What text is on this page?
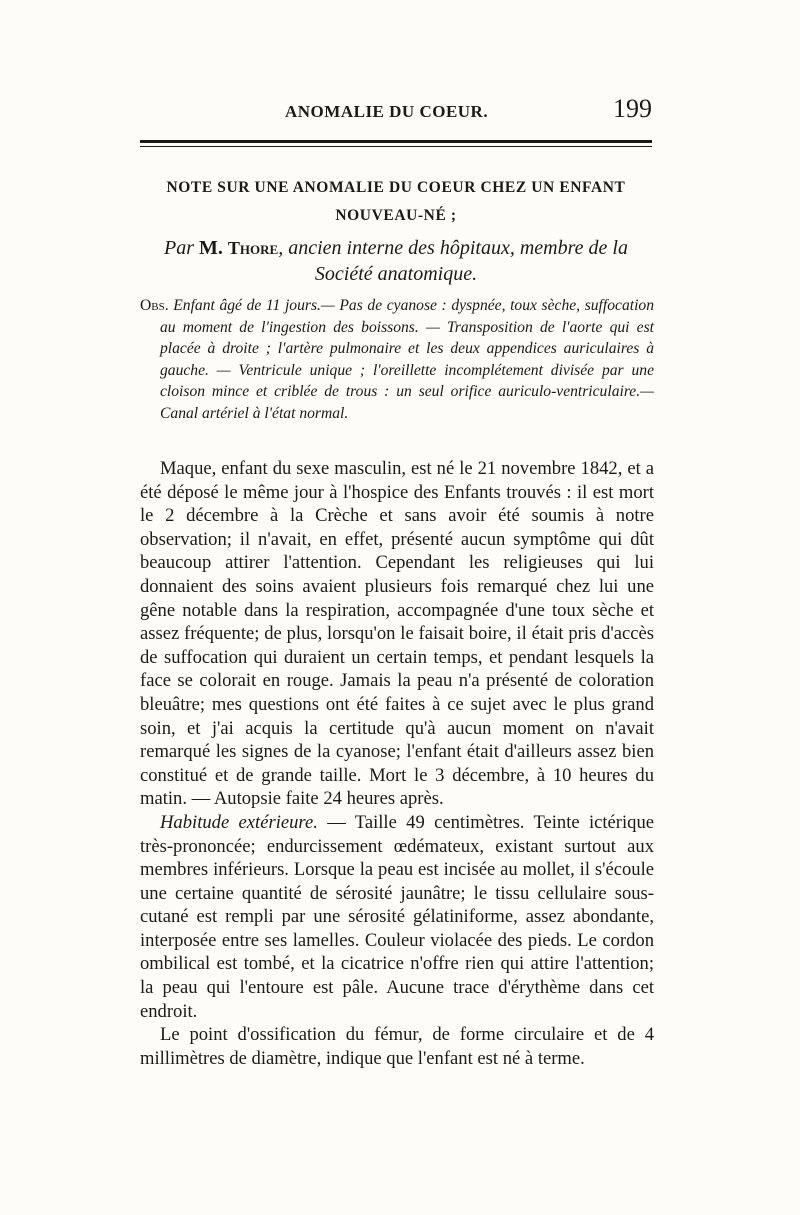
ANOMALIE DU COEUR.	199
NOTE SUR UNE ANOMALIE DU COEUR CHEZ UN ENFANT
NOUVEAU-NÉ ;
Par M. Thore, ancien interne des hôpitaux, membre de la
Société anatomique.
Obs. Enfant âgé de 11 jours.— Pas de cyanose : dyspnée, toux sèche, suffocation au moment de l'ingestion des boissons. — Transposition de l'aorte qui est placée à droite ; l'artère pulmonaire et les deux appendices auriculaires à gauche. — Ventricule unique ; l'oreillette incomplétement divisée par une cloison mince et criblée de trous : un seul orifice auriculo-ventriculaire.— Canal artériel à l'état normal.

Maque, enfant du sexe masculin, est né le 21 novembre 1842, et a été déposé le même jour à l'hospice des Enfants trouvés : il est mort le 2 décembre à la Crèche et sans avoir été soumis à notre observation; il n'avait, en effet, présenté aucun symptôme qui dût beaucoup attirer l'attention. Cependant les religieuses qui lui donnaient des soins avaient plusieurs fois remarqué chez lui une gêne notable dans la respiration, accompagnée d'une toux sèche et assez fréquente; de plus, lorsqu'on le faisait boire, il était pris d'accès de suffocation qui duraient un certain temps, et pendant lesquels la face se colorait en rouge. Jamais la peau n'a présenté de coloration bleuâtre; mes questions ont été faites à ce sujet avec le plus grand soin, et j'ai acquis la certitude qu'à aucun moment on n'avait remarqué les signes de la cyanose; l'enfant était d'ailleurs assez bien constitué et de grande taille. Mort le 3 décembre, à 10 heures du matin. — Autopsie faite 24 heures après.

Habitude extérieure. — Taille 49 centimètres. Teinte ictérique très-prononcée; endurcissement œdémateux, existant surtout aux membres inférieurs. Lorsque la peau est incisée au mollet, il s'écoule une certaine quantité de sérosité jaunâtre; le tissu cellulaire sous-cutané est rempli par une sérosité gélatiniforme, assez abondante, interposée entre ses lamelles. Couleur violacée des pieds. Le cordon ombilical est tombé, et la cicatrice n'offre rien qui attire l'attention; la peau qui l'entoure est pâle. Aucune trace d'érythème dans cet endroit.

Le point d'ossification du fémur, de forme circulaire et de 4 millimètres de diamètre, indique que l'enfant est né à terme.
